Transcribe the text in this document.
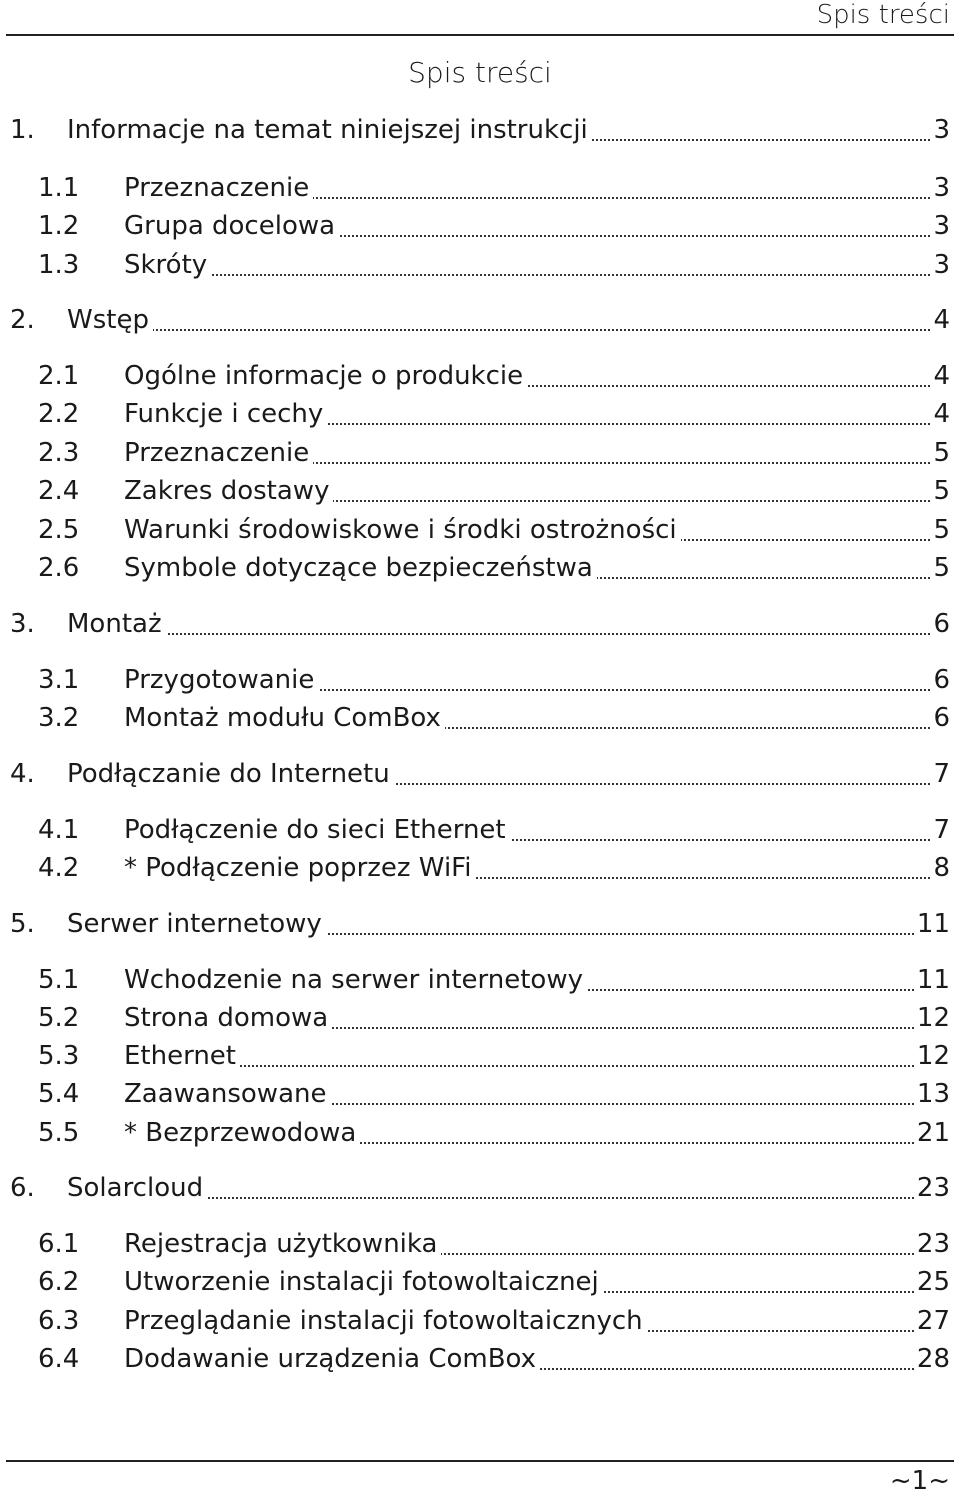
Spis treści
Spis treści
1. Informacje na temat niniejszej instrukcji	3
1.1 Przeznaczenie	3
1.2 Grupa docelowa	3
1.3 Skróty	3
2. Wstęp	4
2.1 Ogólne informacje o produkcie	4
2.2 Funkcje i cechy	4
2.3 Przeznaczenie	5
2.4 Zakres dostawy	5
2.5 Warunki środowiskowe i środki ostrożności	5
2.6 Symbole dotyczące bezpieczeństwa	5
3. Montaż	6
3.1 Przygotowanie	6
3.2 Montaż modułu ComBox	6
4. Podłączanie do Internetu	7
4.1 Podłączenie do sieci Ethernet	7
4.2 * Podłączenie poprzez WiFi	8
5. Serwer internetowy	11
5.1 Wchodzenie na serwer internetowy	11
5.2 Strona domowa	12
5.3 Ethernet	12
5.4 Zaawansowane	13
5.5 * Bezprzewodowa	21
6. Solarcloud	23
6.1 Rejestracja użytkownika	23
6.2 Utworzenie instalacji fotowoltaicznej	25
6.3 Przeglądanie instalacji fotowoltaicznych	27
6.4 Dodawanie urządzenia ComBox	28
~1~
